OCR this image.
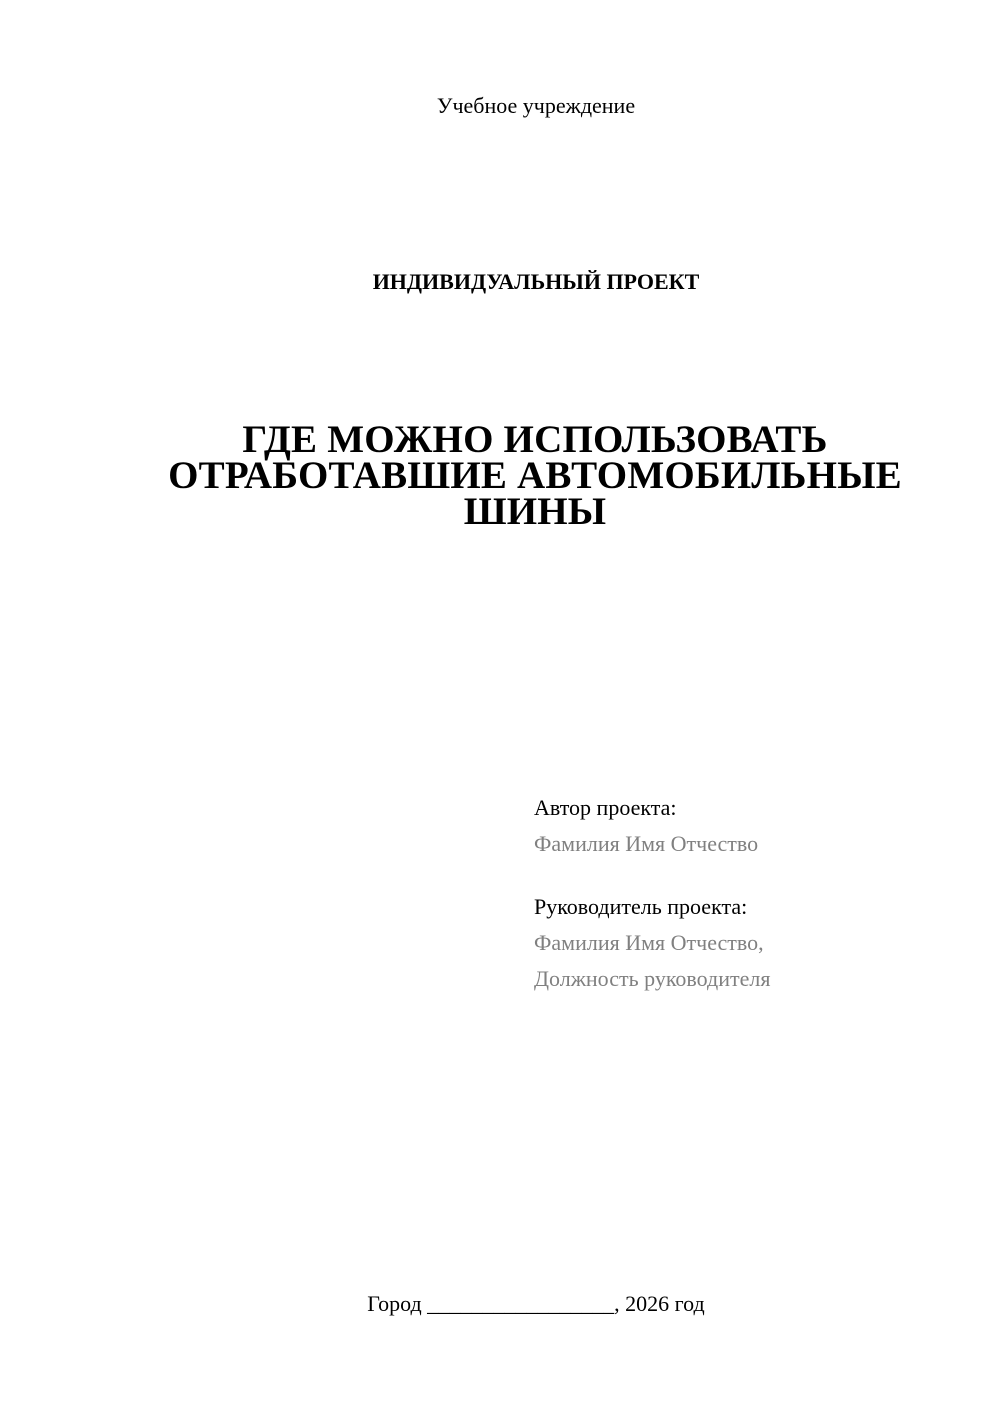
Учебное учреждение
ИНДИВИДУАЛЬНЫЙ ПРОЕКТ
ГДЕ МОЖНО ИСПОЛЬЗОВАТЬ
ОТРАБОТАВШИЕ АВТОМОБИЛЬНЫЕ
ШИНЫ
Автор проекта:
Фамилия Имя Отчество
Руководитель проекта:
Фамилия Имя Отчество,
Должность руководителя
Город _________________, 2026 год
